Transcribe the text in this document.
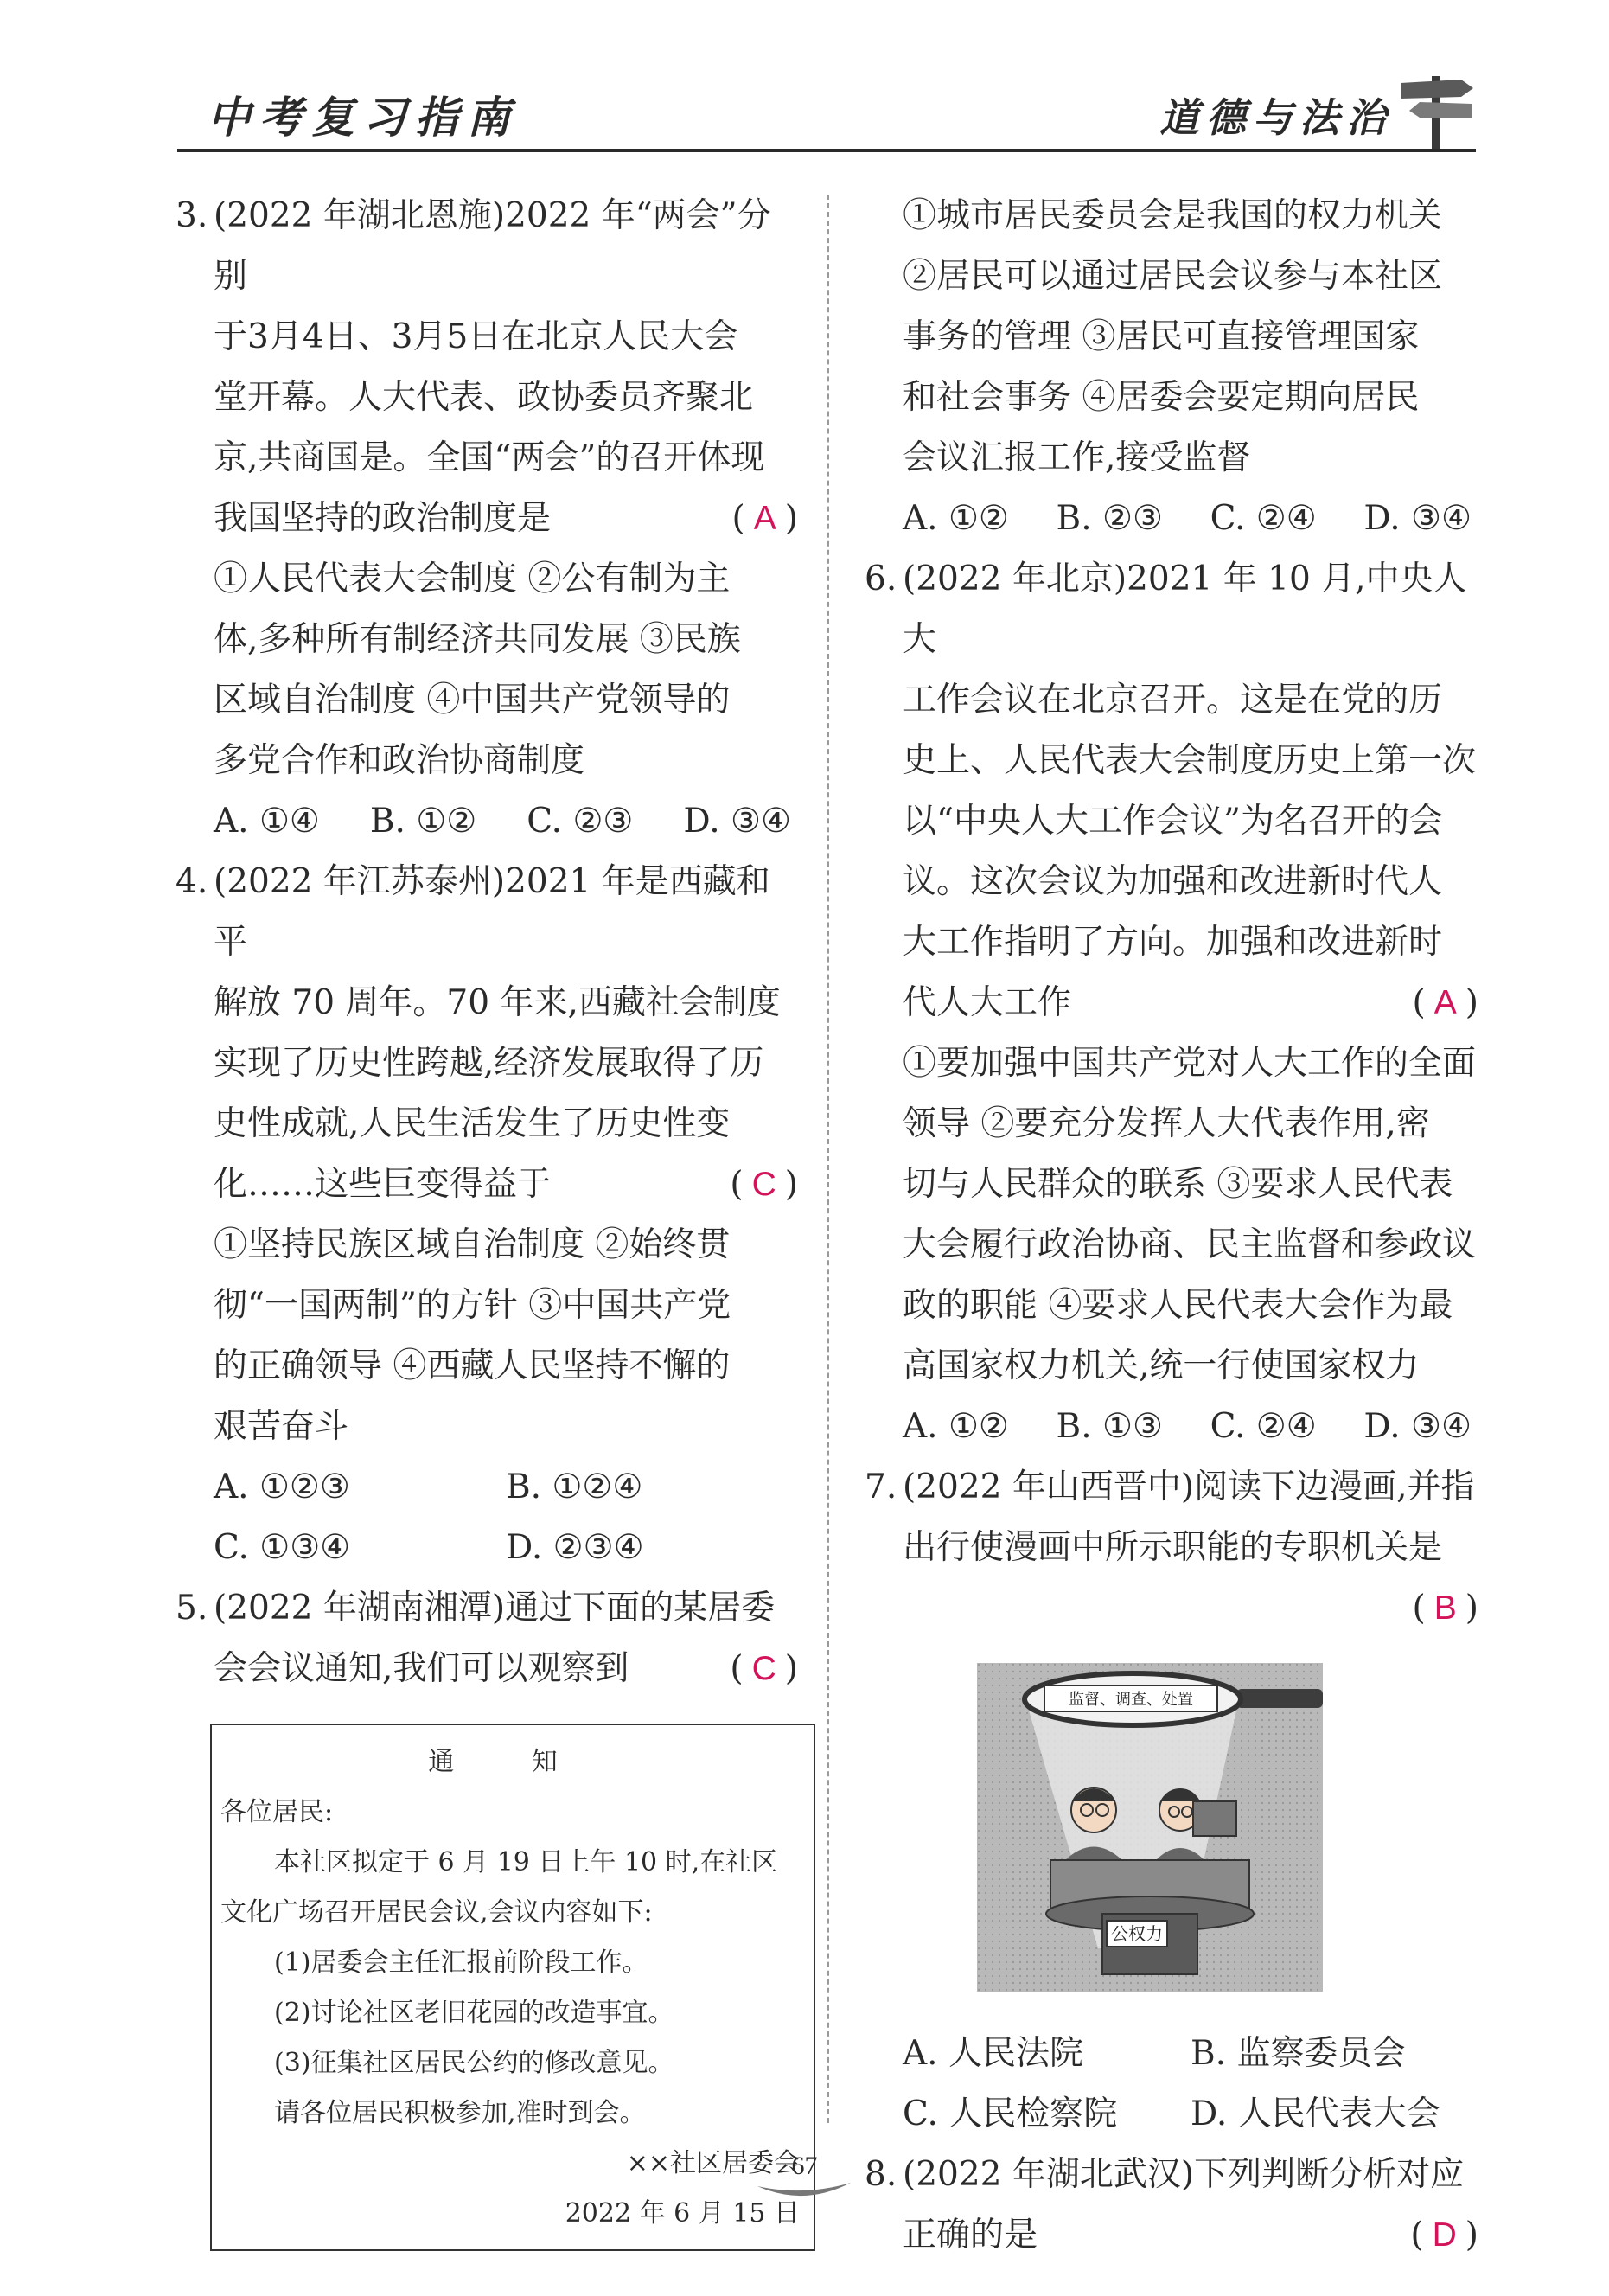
中考复习指南	道德与法治
3. (2022 年湖北恩施)2022 年“两会”分别
于3月4日、3月5日在北京人民大会
堂开幕。人大代表、政协委员齐聚北
京,共商国是。全国“两会”的召开体现
我国坚持的政治制度是	( A )
①人民代表大会制度 ②公有制为主
体,多种所有制经济共同发展 ③民族
区域自治制度 ④中国共产党领导的
多党合作和政治协商制度
A. ①④ B. ①② C. ②③ D. ③④
4. (2022 年江苏泰州)2021 年是西藏和平
解放 70 周年。70 年来,西藏社会制度
实现了历史性跨越,经济发展取得了历
史性成就,人民生活发生了历史性变
化……这些巨变得益于	( C )
①坚持民族区域自治制度 ②始终贯
彻“一国两制”的方针 ③中国共产党
的正确领导 ④西藏人民坚持不懈的
艰苦奋斗
A. ①②③	B. ①②④
C. ①③④	D. ②③④
5. (2022 年湖南湘潭)通过下面的某居委
会会议通知,我们可以观察到	( C )
通 知
各位居民:
本社区拟定于 6 月 19 日上午 10 时,在社区文化广场召开居民会议,会议内容如下:
(1)居委会主任汇报前阶段工作。
(2)讨论社区老旧花园的改造事宜。
(3)征集社区居民公约的修改意见。
请各位居民积极参加,准时到会。
××社区居委会
2022 年 6 月 15 日
①城市居民委员会是我国的权力机关
②居民可以通过居民会议参与本社区
事务的管理 ③居民可直接管理国家
和社会事务 ④居委会要定期向居民
会议汇报工作,接受监督
A. ①② B. ②③ C. ②④ D. ③④
6. (2022 年北京)2021 年 10 月,中央人大
工作会议在北京召开。这是在党的历
史上、人民代表大会制度历史上第一次
以“中央人大工作会议”为名召开的会
议。这次会议为加强和改进新时代人
大工作指明了方向。加强和改进新时
代人大工作	( A )
①要加强中国共产党对人大工作的全面
领导 ②要充分发挥人大代表作用,密
切与人民群众的联系 ③要求人民代表
大会履行政治协商、民主监督和参政议
政的职能 ④要求人民代表大会作为最
高国家权力机关,统一行使国家权力
A. ①② B. ①③ C. ②④ D. ③④
7. (2022 年山西晋中)阅读下边漫画,并指
出行使漫画中所示职能的专职机关是
( B )
监督、调查、处置
公权力
A. 人民法院	B. 监察委员会
C. 人民检察院	D. 人民代表大会
8. (2022 年湖北武汉)下列判断分析对应
正确的是	( D )
67
